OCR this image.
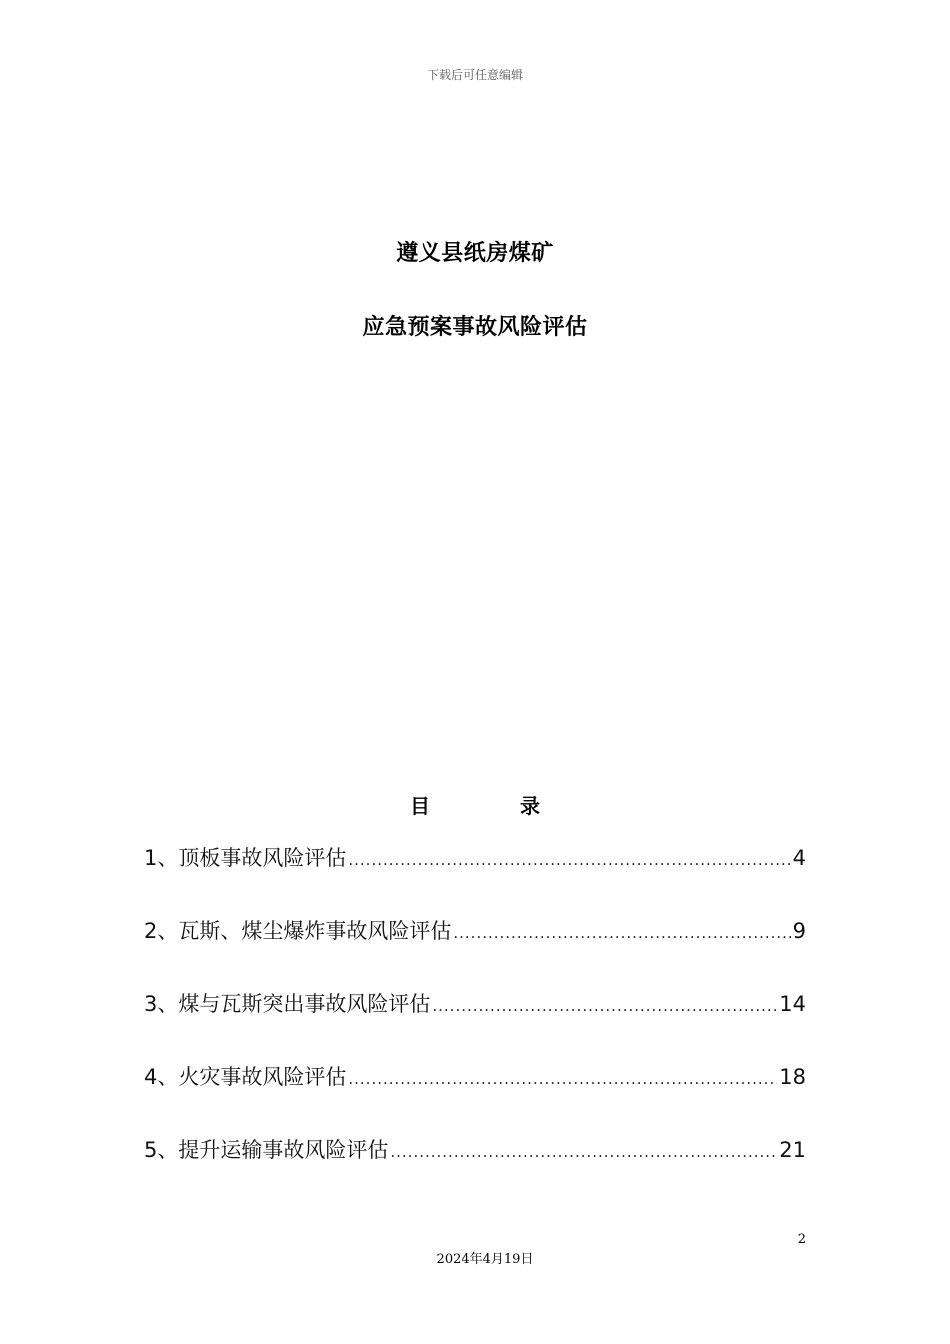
下载后可任意编辑
遵义县纸房煤矿
应急预案事故风险评估
目	录
1、 顶板事故风险评估 .....	4
2、 瓦斯、煤尘爆炸事故风险评估 .....	9
3、 煤与瓦斯突出事故风险评估 .....	14
4、 火灾事故风险评估 .....	18
5、 提升运输事故风险评估 .....	21
2
2024年4月19日
